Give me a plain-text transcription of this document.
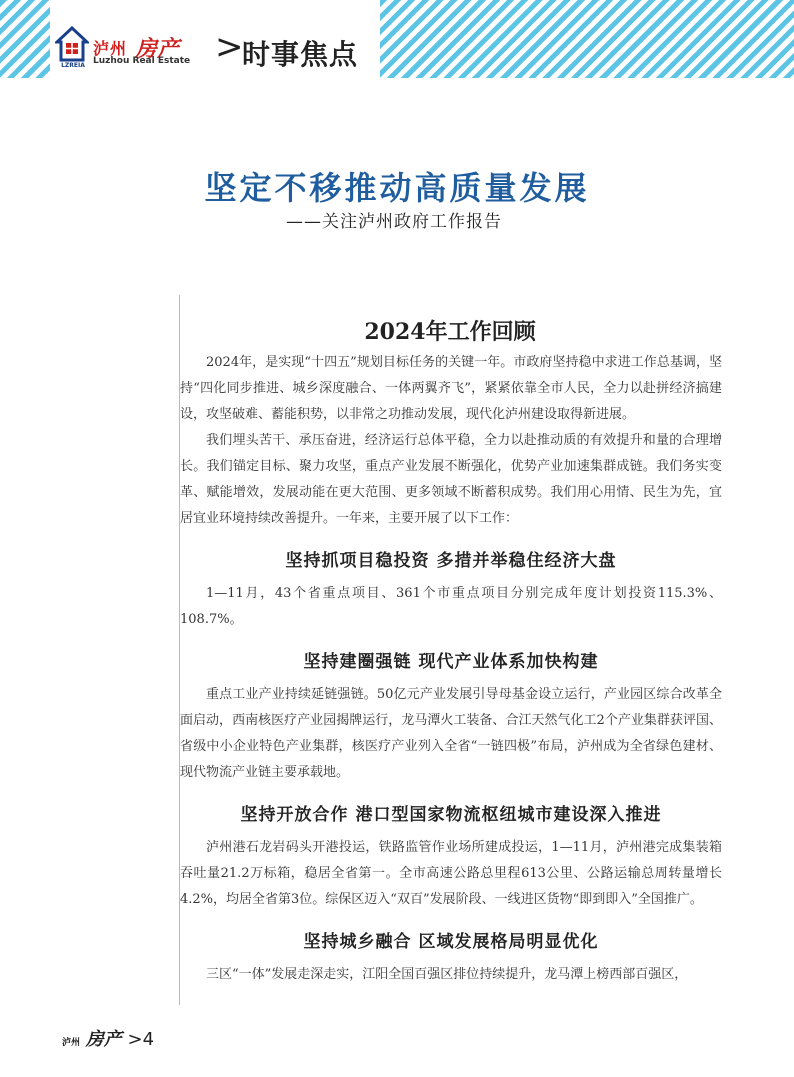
LZREIA
泸州 房产
Luzhou Real Estate >
时事焦点
坚定不移推动高质量发展
——关注泸州政府工作报告
2024年工作回顾

2024年，是实现“十四五”规划目标任务的关键一年。市政府坚持稳中求进工作总基调，坚持“四化同步推进、城乡深度融合、一体两翼齐飞”，紧紧依靠全市人民，全力以赴拼经济搞建设，攻坚破难、蓄能积势，以非常之功推动发展，现代化泸州建设取得新进展。

我们埋头苦干、承压奋进，经济运行总体平稳，全力以赴推动质的有效提升和量的合理增长。我们锚定目标、聚力攻坚，重点产业发展不断强化，优势产业加速集群成链。我们务实变革、赋能增效，发展动能在更大范围、更多领域不断蓄积成势。我们用心用情、民生为先，宜居宜业环境持续改善提升。一年来，主要开展了以下工作：

坚持抓项目稳投资 多措并举稳住经济大盘

1—11月，43个省重点项目、361个市重点项目分别完成年度计划投资115.3%、108.7%。

坚持建圈强链 现代产业体系加快构建

重点工业产业持续延链强链。50亿元产业发展引导母基金设立运行，产业园区综合改革全面启动，西南核医疗产业园揭牌运行，龙马潭火工装备、合江天然气化工2个产业集群获评国、省级中小企业特色产业集群，核医疗产业列入全省“一链四极”布局，泸州成为全省绿色建材、现代物流产业链主要承载地。

坚持开放合作 港口型国家物流枢纽城市建设深入推进

泸州港石龙岩码头开港投运，铁路监管作业场所建成投运，1—11月，泸州港完成集装箱吞吐量21.2万标箱，稳居全省第一。全市高速公路总里程613公里、公路运输总周转量增长4.2%，均居全省第3位。综保区迈入“双百”发展阶段、一线进区货物“即到即入”全国推广。

坚持城乡融合 区域发展格局明显优化

三区“一体”发展走深走实，江阳全国百强区排位持续提升，龙马潭上榜西部百强区，

泸州 房产 >4
